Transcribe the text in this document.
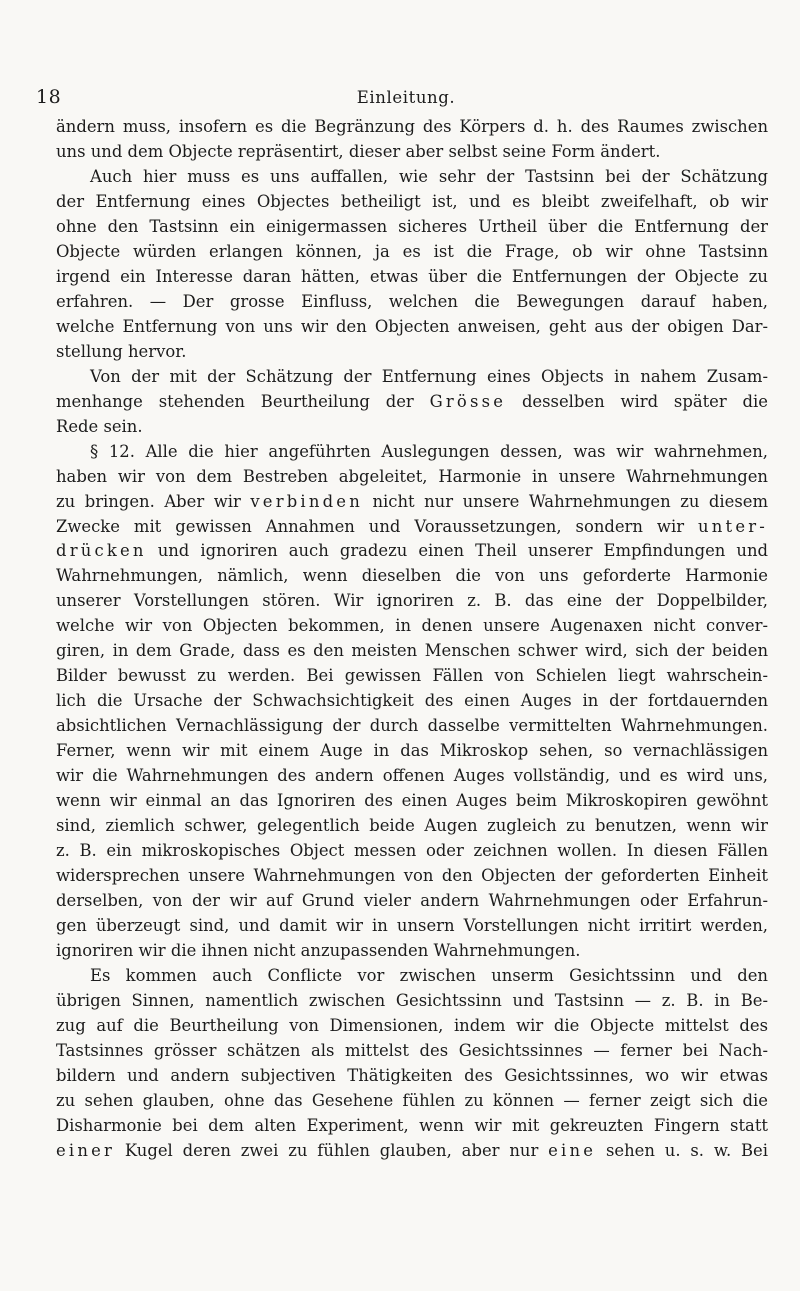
18	Einleitung.
ändern muss, insofern es die Begränzung des Körpers d. h. des Raumes zwischen
uns und dem Objecte repräsentirt, dieser aber selbst seine Form ändert.
Auch hier muss es uns auffallen, wie sehr der Tastsinn bei der Schätzung
der Entfernung eines Objectes betheiligt ist, und es bleibt zweifelhaft, ob wir
ohne den Tastsinn ein einigermassen sicheres Urtheil über die Entfernung der
Objecte würden erlangen können, ja es ist die Frage, ob wir ohne Tastsinn
irgend ein Interesse daran hätten, etwas über die Entfernungen der Objecte zu
erfahren. — Der grosse Einfluss, welchen die Bewegungen darauf haben,
welche Entfernung von uns wir den Objecten anweisen, geht aus der obigen Dar-
stellung hervor.
Von der mit der Schätzung der Entfernung eines Objects in nahem Zusam-
menhange stehenden Beurtheilung der Grösse desselben wird später die
Rede sein.
§ 12. Alle die hier angeführten Auslegungen dessen, was wir wahrnehmen,
haben wir von dem Bestreben abgeleitet, Harmonie in unsere Wahrnehmungen
zu bringen. Aber wir verbinden nicht nur unsere Wahrnehmungen zu diesem
Zwecke mit gewissen Annahmen und Voraussetzungen, sondern wir unter-
drücken und ignoriren auch gradezu einen Theil unserer Empfindungen und
Wahrnehmungen, nämlich, wenn dieselben die von uns geforderte Harmonie
unserer Vorstellungen stören. Wir ignoriren z. B. das eine der Doppelbilder,
welche wir von Objecten bekommen, in denen unsere Augenaxen nicht conver-
giren, in dem Grade, dass es den meisten Menschen schwer wird, sich der beiden
Bilder bewusst zu werden. Bei gewissen Fällen von Schielen liegt wahrschein-
lich die Ursache der Schwachsichtigkeit des einen Auges in der fortdauernden
absichtlichen Vernachlässigung der durch dasselbe vermittelten Wahrnehmungen.
Ferner, wenn wir mit einem Auge in das Mikroskop sehen, so vernachlässigen
wir die Wahrnehmungen des andern offenen Auges vollständig, und es wird uns,
wenn wir einmal an das Ignoriren des einen Auges beim Mikroskopiren gewöhnt
sind, ziemlich schwer, gelegentlich beide Augen zugleich zu benutzen, wenn wir
z. B. ein mikroskopisches Object messen oder zeichnen wollen. In diesen Fällen
widersprechen unsere Wahrnehmungen von den Objecten der geforderten Einheit
derselben, von der wir auf Grund vieler andern Wahrnehmungen oder Erfahrun-
gen überzeugt sind, und damit wir in unsern Vorstellungen nicht irritirt werden,
ignoriren wir die ihnen nicht anzupassenden Wahrnehmungen.
Es kommen auch Conflicte vor zwischen unserm Gesichtssinn und den
übrigen Sinnen, namentlich zwischen Gesichtssinn und Tastsinn — z. B. in Be-
zug auf die Beurtheilung von Dimensionen, indem wir die Objecte mittelst des
Tastsinnes grösser schätzen als mittelst des Gesichtssinnes — ferner bei Nach-
bildern und andern subjectiven Thätigkeiten des Gesichtssinnes, wo wir etwas
zu sehen glauben, ohne das Gesehene fühlen zu können — ferner zeigt sich die
Disharmonie bei dem alten Experiment, wenn wir mit gekreuzten Fingern statt
einer Kugel deren zwei zu fühlen glauben, aber nur eine sehen u. s. w. Bei
